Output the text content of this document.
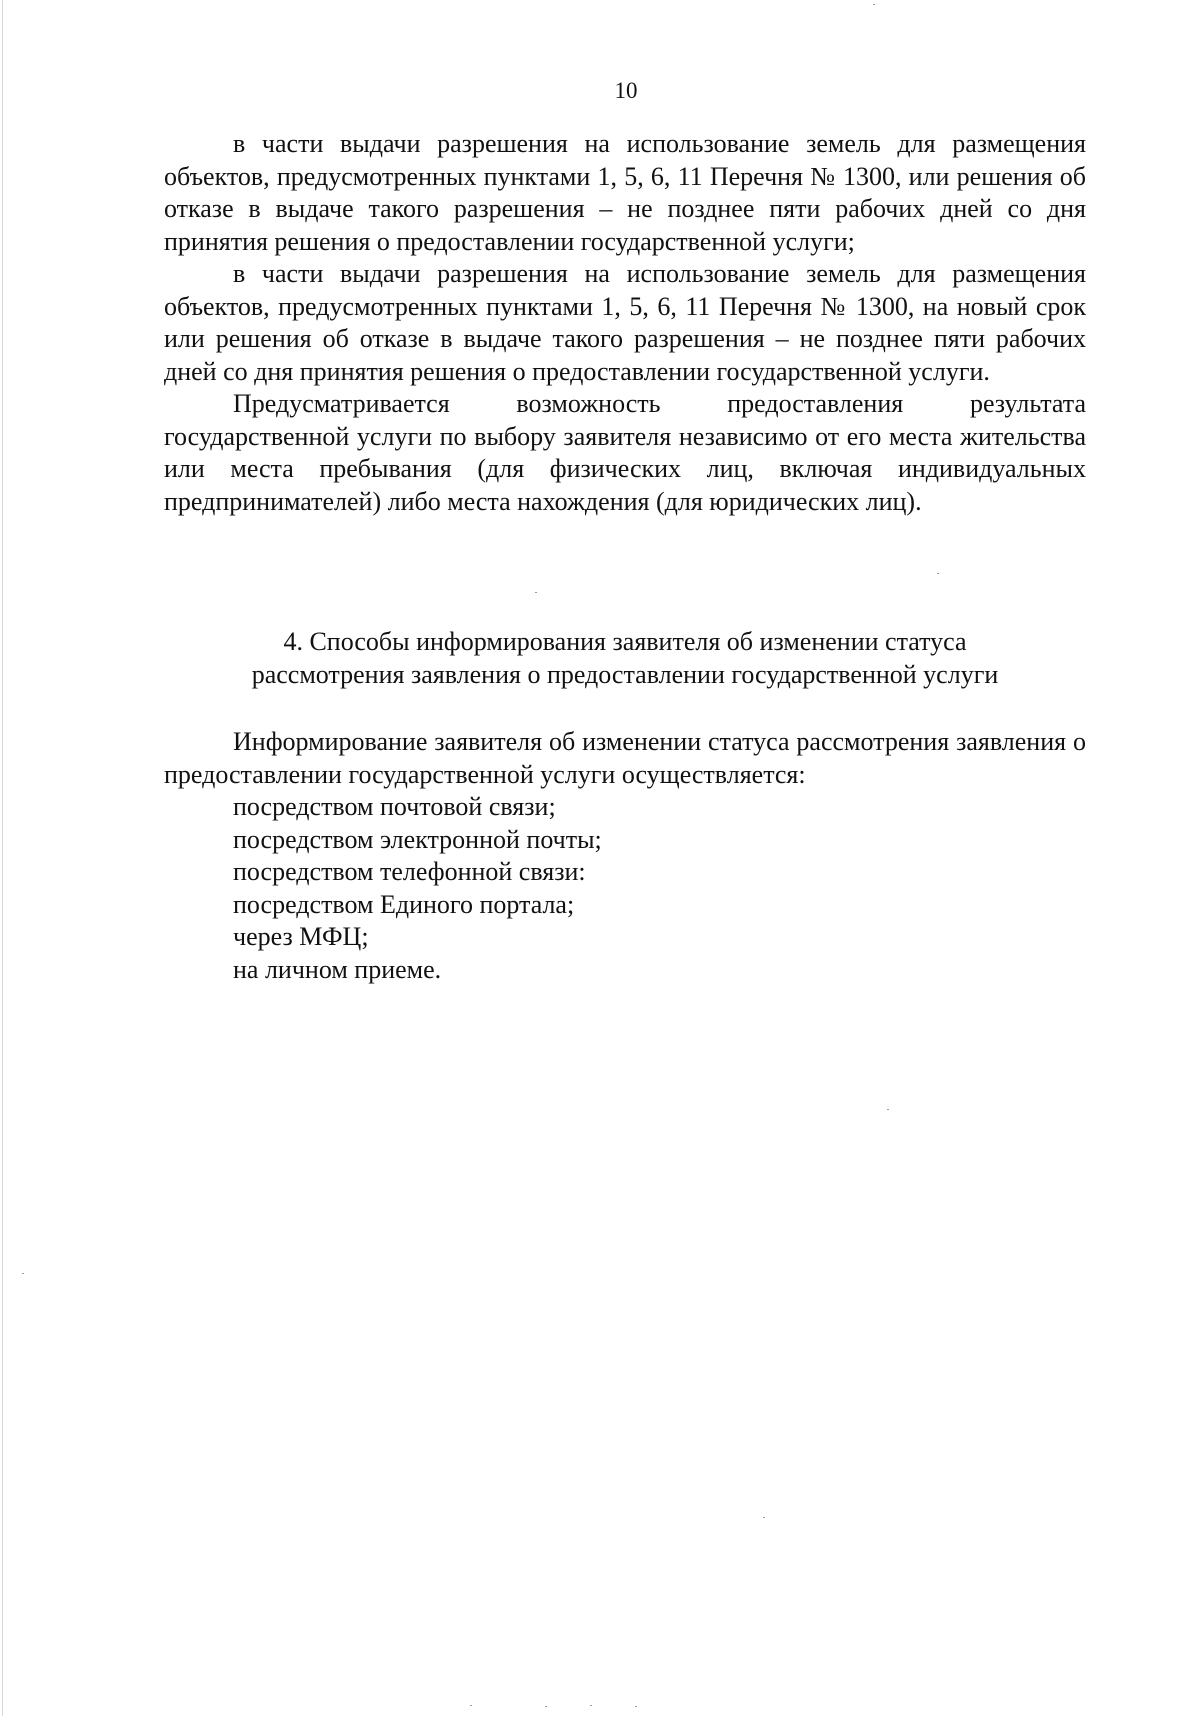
10

в части выдачи разрешения на использование земель для размещения объектов, предусмотренных пунктами 1, 5, 6, 11 Перечня № 1300, или решения об отказе в выдаче такого разрешения – не позднее пяти рабочих дней со дня принятия решения о предоставлении государственной услуги;

в части выдачи разрешения на использование земель для размещения объектов, предусмотренных пунктами 1, 5, 6, 11 Перечня № 1300, на новый срок или решения об отказе в выдаче такого разрешения – не позднее пяти рабочих дней со дня принятия решения о предоставлении государственной услуги.

Предусматривается возможность предоставления результата государственной услуги по выбору заявителя независимо от его места жительства или места пребывания (для физических лиц, включая индивидуальных предпринимателей) либо места нахождения (для юридических лиц).

4. Способы информирования заявителя об изменении статуса
рассмотрения заявления о предоставлении государственной услуги

Информирование заявителя об изменении статуса рассмотрения заявления о предоставлении государственной услуги осуществляется:

посредством почтовой связи;
посредством электронной почты;
посредством телефонной связи:
посредством Единого портала;
через МФЦ;
на личном приеме.
